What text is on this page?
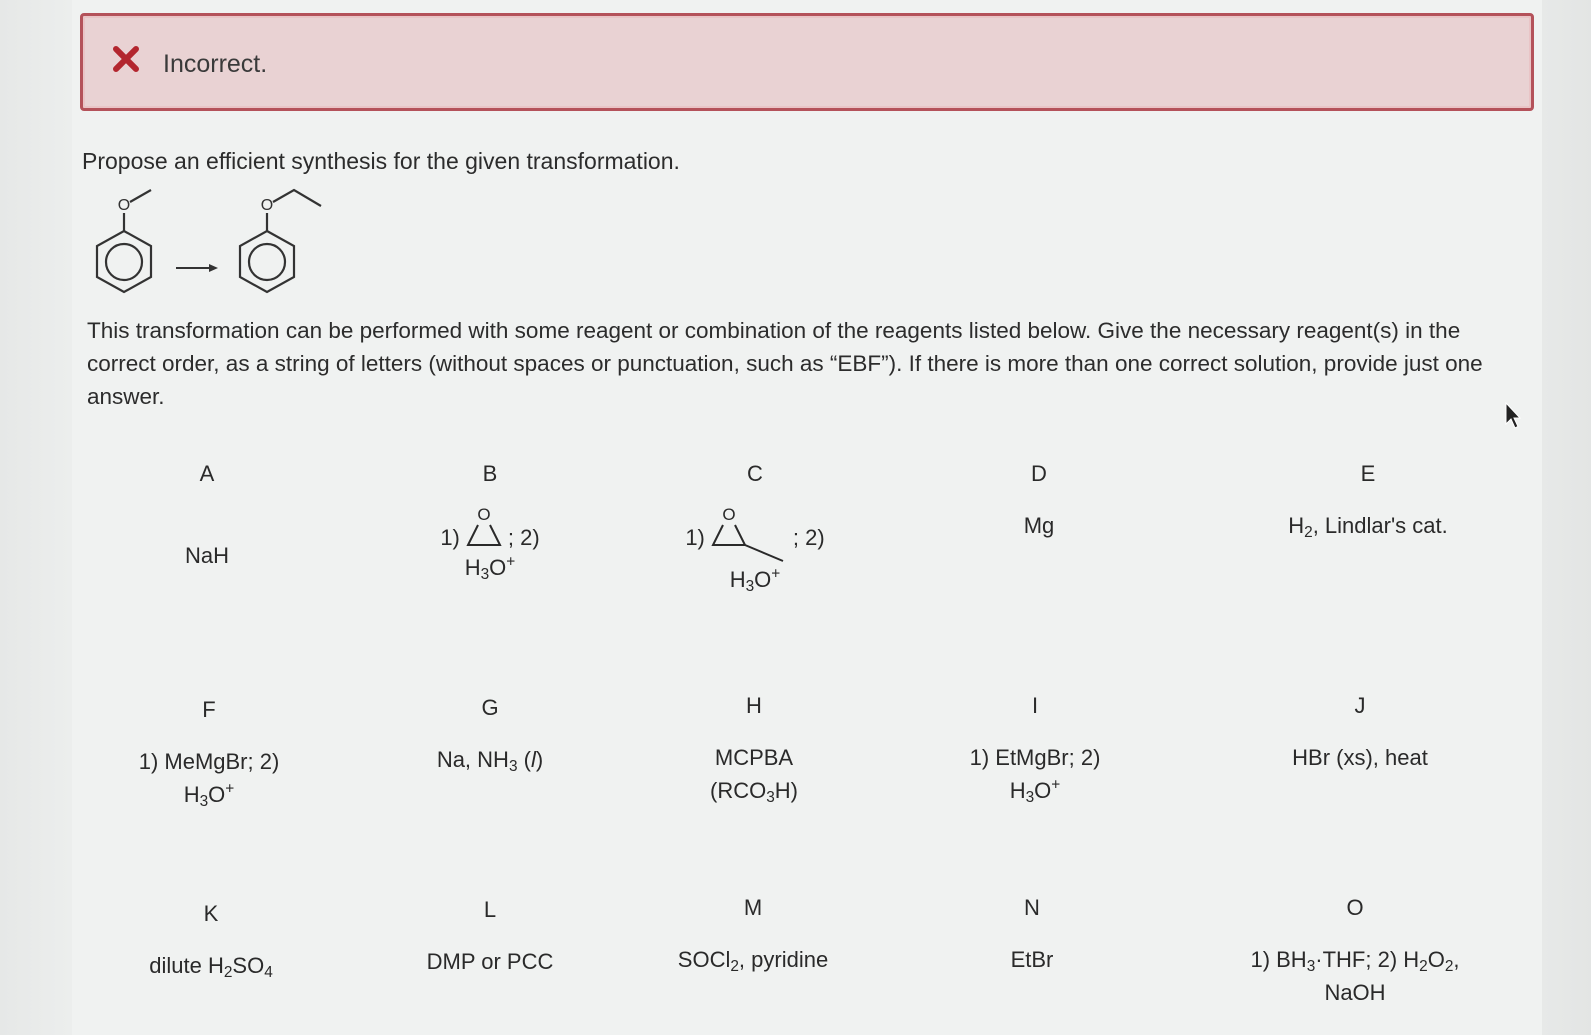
Incorrect.
Propose an efficient synthesis for the given transformation.
O	O
This transformation can be performed with some reagent or combination of the reagents listed below. Give the necessary reagent(s) in the correct order, as a string of letters (without spaces or punctuation, such as “EBF”). If there is more than one correct solution, provide just one answer.
A
NaH
B
1)
O
; 2)
$H_3O^+$
C
1)
O
; 2)
$H_3O^+$
D
Mg
E
$H_2$, Lindlar's cat.
F
1) MeMgBr; 2)
$H_3O^+$
G
Na, $NH_3$ (l)
H
MCPBA
$(RCO_3H)$
I
1) EtMgBr; 2)
$H_3O^+$
J
HBr (xs), heat
K
dilute $H_2SO_4$
L
DMP or PCC
M
SOCl$_2$, pyridine
N
EtBr
O
1) $BH_3\cdot THF$; 2) $H_2O_2$,
NaOH
